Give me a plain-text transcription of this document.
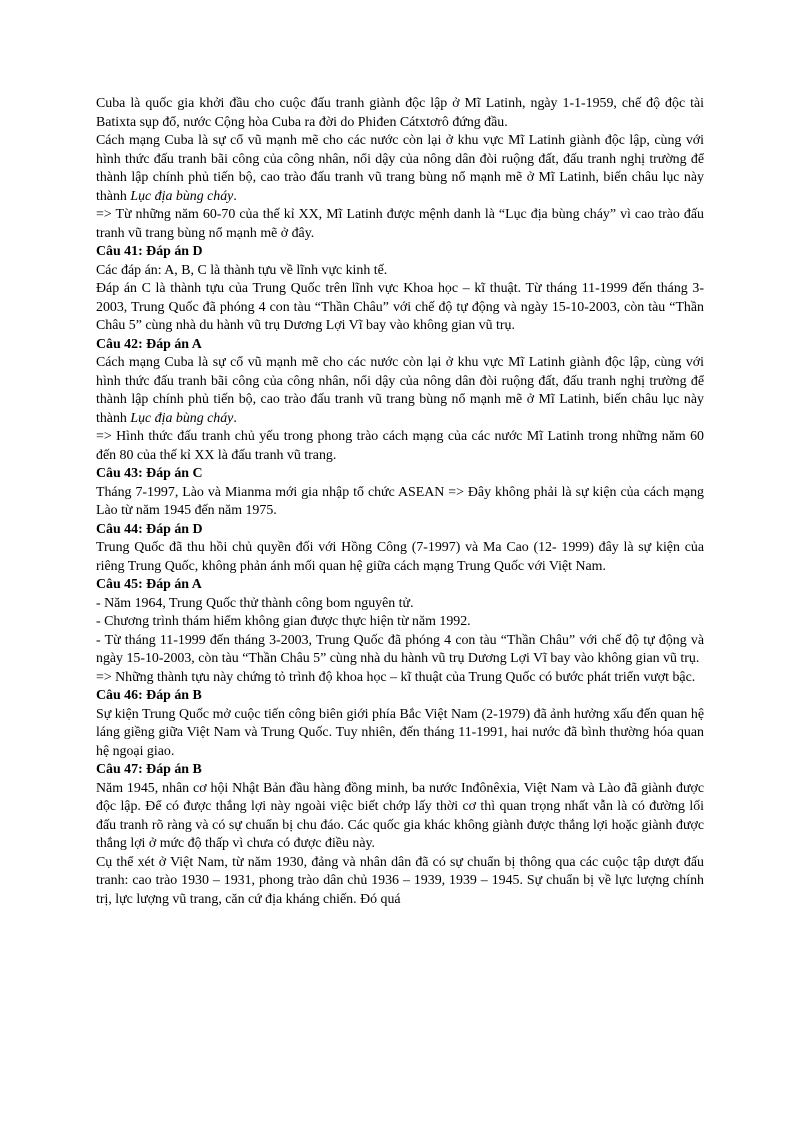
Cuba là quốc gia khởi đầu cho cuộc đấu tranh giành độc lập ở Mĩ Latinh, ngày 1-1-1959, chế độ độc tài Batixta sụp đổ, nước Cộng hòa Cuba ra đời do Phiđen Cátxtơrô đứng đầu.
Cách mạng Cuba là sự cổ vũ mạnh mẽ cho các nước còn lại ở khu vực Mĩ Latinh giành độc lập, cùng với hình thức đấu tranh bãi công của công nhân, nổi dậy của nông dân đòi ruộng đất, đấu tranh nghị trường để thành lập chính phủ tiến bộ, cao trào đấu tranh vũ trang bùng nổ mạnh mẽ ở Mĩ Latinh, biến châu lục này thành Lục địa bùng cháy.
=> Từ những năm 60-70 của thế kỉ XX, Mĩ Latinh được mệnh danh là “Lục địa bùng cháy” vì cao trào đấu tranh vũ trang bùng nổ mạnh mẽ ở đây.
Câu 41: Đáp án D
Các đáp án: A, B, C là thành tựu về lĩnh vực kinh tế.
Đáp án C là thành tựu của Trung Quốc trên lĩnh vực Khoa học – kĩ thuật. Từ tháng 11-1999 đến tháng 3-2003, Trung Quốc đã phóng 4 con tàu “Thần Châu” với chế độ tự động và ngày 15-10-2003, còn tàu “Thần Châu 5” cùng nhà du hành vũ trụ Dương Lợi Vĩ bay vào không gian vũ trụ.
Câu 42: Đáp án A
Cách mạng Cuba là sự cổ vũ mạnh mẽ cho các nước còn lại ở khu vực Mĩ Latinh giành độc lập, cùng với hình thức đấu tranh bãi công của công nhân, nổi dậy của nông dân đòi ruộng đất, đấu tranh nghị trường để thành lập chính phủ tiến bộ, cao trào đấu tranh vũ trang bùng nổ mạnh mẽ ở Mĩ Latinh, biến châu lục này thành Lục địa bùng cháy.
=> Hình thức đấu tranh chủ yếu trong phong trào cách mạng của các nước Mĩ Latinh trong những năm 60 đến 80 của thế kỉ XX là đấu tranh vũ trang.
Câu 43: Đáp án C
Tháng 7-1997, Lào và Mianma mới gia nhập tổ chức ASEAN => Đây không phải là sự kiện của cách mạng Lào từ năm 1945 đến năm 1975.
Câu 44: Đáp án D
Trung Quốc đã thu hồi chủ quyền đối với Hồng Công (7-1997) và Ma Cao (12- 1999) đây là sự kiện của riêng Trung Quốc, không phản ánh mối quan hệ giữa cách mạng Trung Quốc với Việt Nam.
Câu 45: Đáp án A
- Năm 1964, Trung Quốc thử thành công bom nguyên tử.
- Chương trình thám hiểm không gian được thực hiện từ năm 1992.
- Từ tháng 11-1999 đến tháng 3-2003, Trung Quốc đã phóng 4 con tàu “Thần Châu” với chế độ tự động và ngày 15-10-2003, còn tàu “Thần Châu 5” cùng nhà du hành vũ trụ Dương Lợi Vĩ bay vào không gian vũ trụ.
=> Những thành tựu này chứng tỏ trình độ khoa học – kĩ thuật của Trung Quốc có bước phát triển vượt bậc.
Câu 46: Đáp án B
Sự kiện Trung Quốc mở cuộc tiến công biên giới phía Bắc Việt Nam (2-1979) đã ảnh hưởng xấu đến quan hệ láng giềng giữa Việt Nam và Trung Quốc. Tuy nhiên, đến tháng 11-1991, hai nước đã bình thường hóa quan hệ ngoại giao.
Câu 47: Đáp án B
Năm 1945, nhân cơ hội Nhật Bản đầu hàng đồng minh, ba nước Inđônêxia, Việt Nam và Lào đã giành được độc lập. Để có được thắng lợi này ngoài việc biết chớp lấy thời cơ thì quan trọng nhất vẫn là có đường lối đấu tranh rõ ràng và có sự chuẩn bị chu đáo. Các quốc gia khác không giành được thắng lợi hoặc giành được thắng lợi ở mức độ thấp vì chưa có được điều này.
Cụ thể xét ở Việt Nam, từ năm 1930, đảng và nhân dân đã có sự chuẩn bị thông qua các cuộc tập dượt đấu tranh: cao trào 1930 – 1931, phong trào dân chủ 1936 – 1939, 1939 – 1945. Sự chuẩn bị về lực lượng chính trị, lực lượng vũ trang, căn cứ địa kháng chiến. Đó quá
